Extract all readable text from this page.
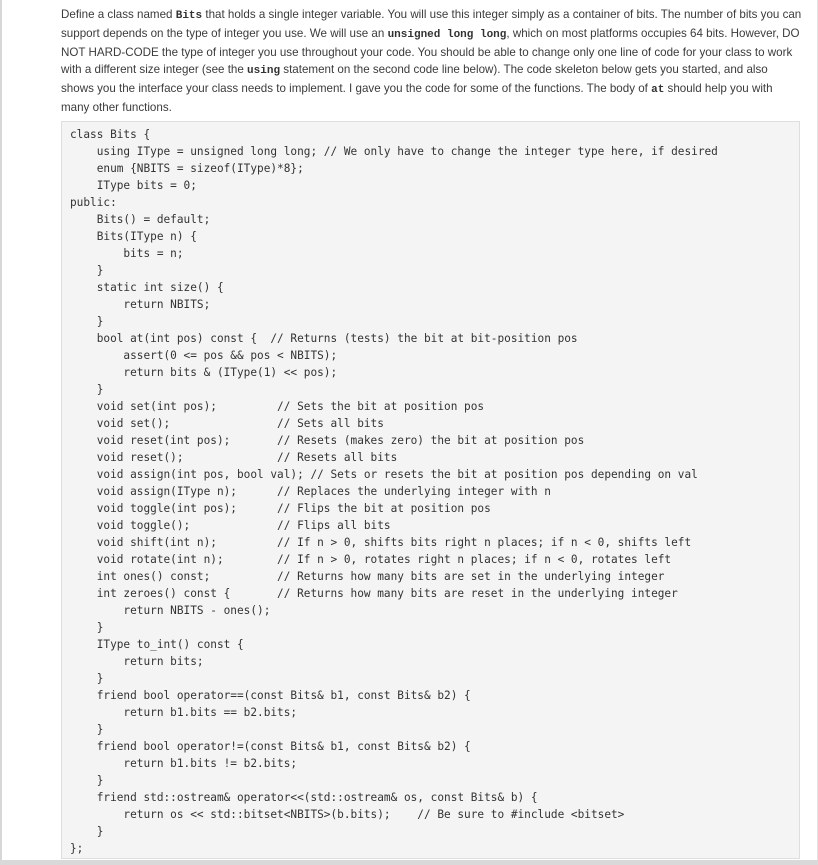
Define a class named Bits that holds a single integer variable. You will use this integer simply as a container of bits. The number of bits you can support depends on the type of integer you use. We will use an unsigned long long, which on most platforms occupies 64 bits. However, DO NOT HARD-CODE the type of integer you use throughout your code. You should be able to change only one line of code for your class to work with a different size integer (see the using statement on the second code line below). The code skeleton below gets you started, and also shows you the interface your class needs to implement. I gave you the code for some of the functions. The body of at should help you with many other functions.

class Bits {
using IType = unsigned long long; // We only have to change the integer type here, if desired
enum {NBITS = sizeof(IType)*8};
IType bits = 0;
public:
Bits() = default;
Bits(IType n) {
bits = n;
}
static int size() {
return NBITS;
}
bool at(int pos) const {  // Returns (tests) the bit at bit-position pos
assert(0 <= pos && pos < NBITS);
return bits & (IType(1) << pos);
}
void set(int pos);         // Sets the bit at position pos
void set();                // Sets all bits
void reset(int pos);       // Resets (makes zero) the bit at position pos
void reset();              // Resets all bits
void assign(int pos, bool val); // Sets or resets the bit at position pos depending on val
void assign(IType n);      // Replaces the underlying integer with n
void toggle(int pos);      // Flips the bit at position pos
void toggle();             // Flips all bits
void shift(int n);         // If n > 0, shifts bits right n places; if n < 0, shifts left
void rotate(int n);        // If n > 0, rotates right n places; if n < 0, rotates left
int ones() const;          // Returns how many bits are set in the underlying integer
int zeroes() const {       // Returns how many bits are reset in the underlying integer
return NBITS - ones();
}
IType to_int() const {
return bits;
}
friend bool operator==(const Bits& b1, const Bits& b2) {
return b1.bits == b2.bits;
}
friend bool operator!=(const Bits& b1, const Bits& b2) {
return b1.bits != b2.bits;
}
friend std::ostream& operator<<(std::ostream& os, const Bits& b) {
return os << std::bitset<NBITS>(b.bits);    // Be sure to #include <bitset>
}
};
